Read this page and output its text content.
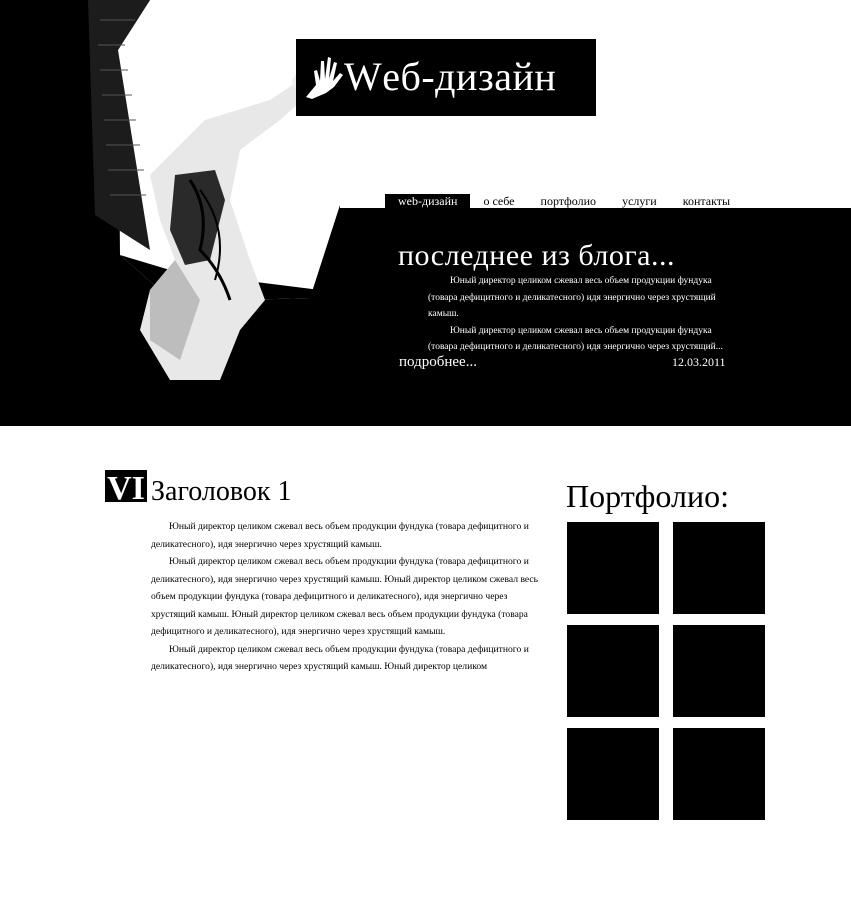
Wеб-дизайн
web-дизайн	о себе	портфолио	услуги	контакты
последнее из блога...

Юный директор целиком сжевал весь объем продукции фундука (товара дефицитного и деликатесного) идя энергично через хрустящий камыш.

Юный директор целиком сжевал весь объем продукции фундука (товара дефицитного и деликатесного) идя энергично через хрустящий...

подробнее...	12.03.2011
VI Заголовок 1

Юный директор целиком сжевал весь объем продукции фундука (товара дефицитного и деликатесного), идя энергично через хрустящий камыш.

Юный директор целиком сжевал весь объем продукции фундука (товара дефицитного и деликатесного), идя энергично через хрустящий камыш. Юный директор целиком сжевал весь объем продукции фундука (товара дефицитного и деликатесного), идя энергично через хрустящий камыш. Юный директор целиком сжевал весь объем продукции фундука (товара дефицитного и деликатесного), идя энергично через хрустящий камыш.

Юный директор целиком сжевал весь объем продукции фундука (товара дефицитного и деликатесного), идя энергично через хрустящий камыш. Юный директор целиком

Портфолио:
